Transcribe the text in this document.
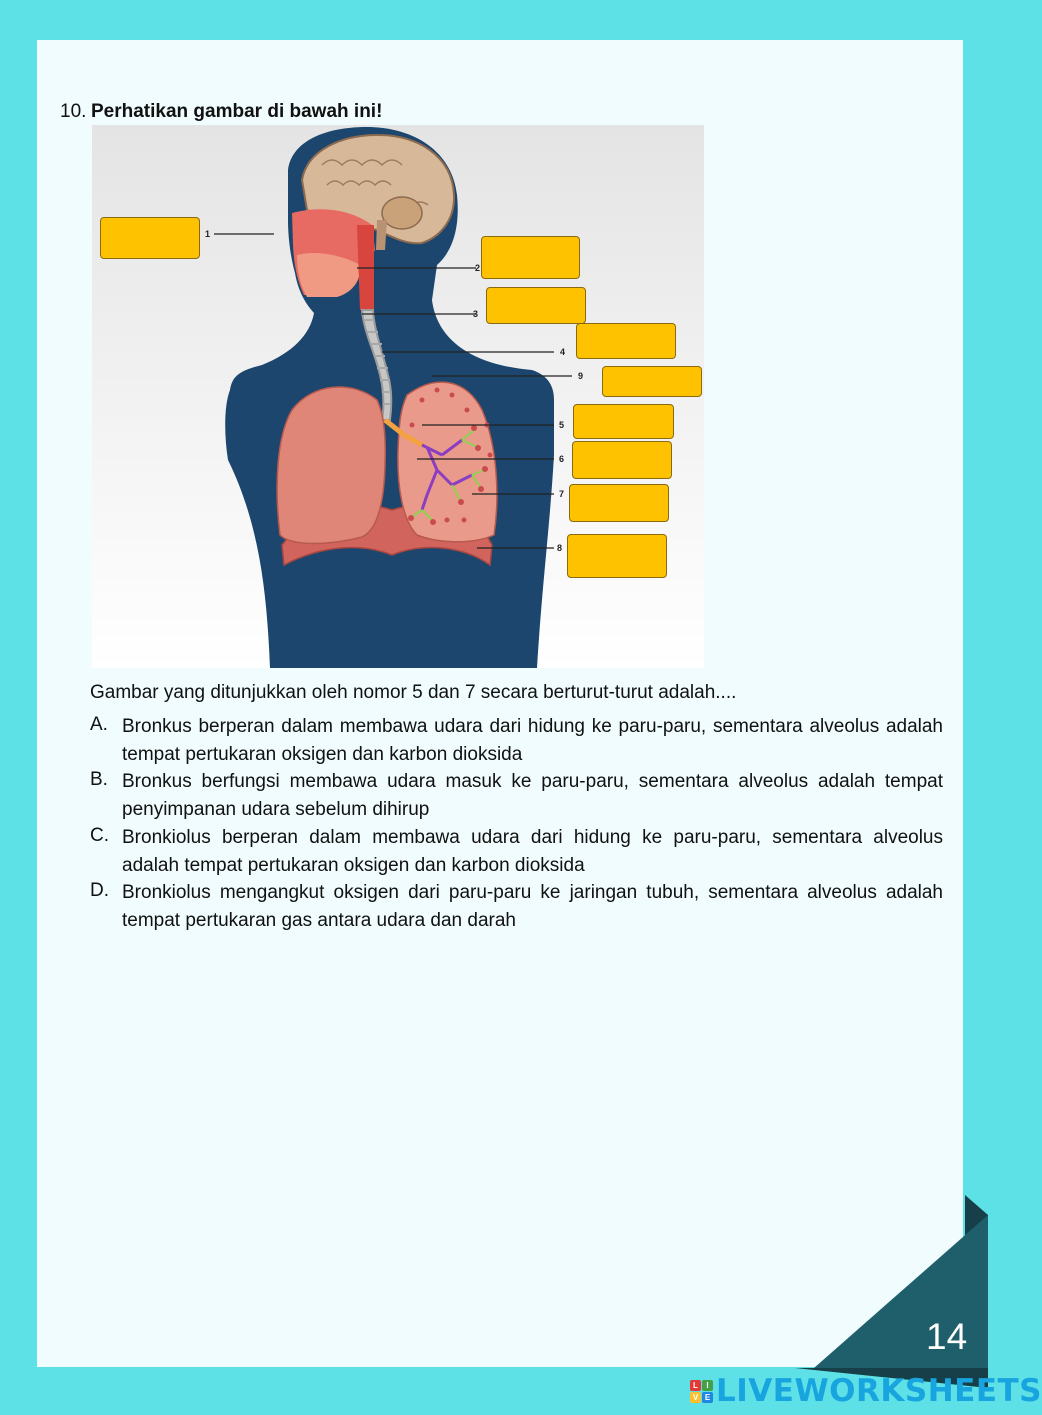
10. Perhatikan gambar di bawah ini!
1
2
3
4
9
5
6
7
8
Gambar yang ditunjukkan oleh nomor 5 dan 7 secara berturut-turut adalah....
A. Bronkus berperan dalam membawa udara dari hidung ke paru-paru, sementara alveolus adalah tempat pertukaran oksigen dan karbon dioksida
B. Bronkus berfungsi membawa udara masuk ke paru-paru, sementara alveolus adalah tempat penyimpanan udara sebelum dihirup
C. Bronkiolus berperan dalam membawa udara dari hidung ke paru-paru, sementara alveolus adalah tempat pertukaran oksigen dan karbon dioksida
D. Bronkiolus mengangkut oksigen dari paru-paru ke jaringan tubuh, sementara alveolus adalah tempat pertukaran gas antara udara dan darah
14
L	I
V E LIVEWORKSHEETS
